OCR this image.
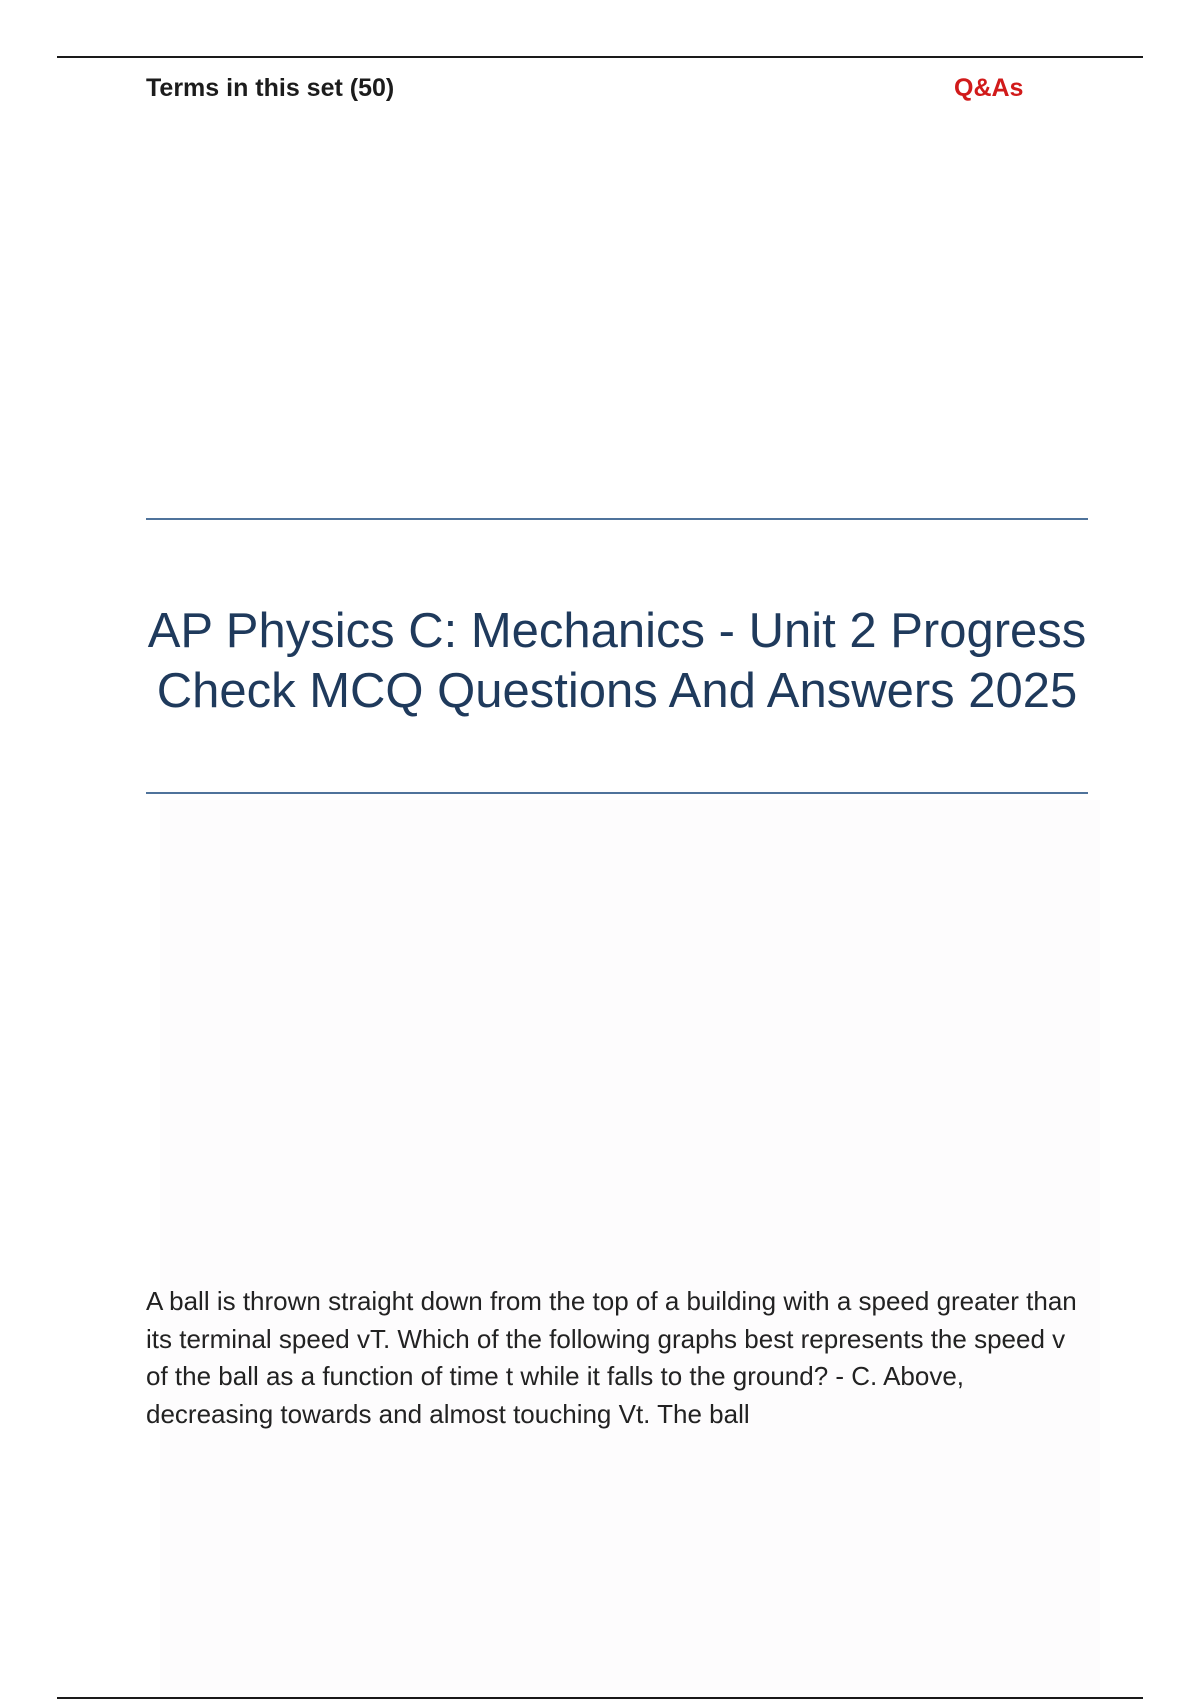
Terms in this set (50)	Q&As
AP Physics C: Mechanics - Unit 2 Progress Check MCQ Questions And Answers 2025

A ball is thrown straight down from the top of a building with a speed greater than its terminal speed vT. Which of the following graphs best represents the speed v of the ball as a function of time t while it falls to the ground? - C. Above, decreasing towards and almost touching Vt. The ball
